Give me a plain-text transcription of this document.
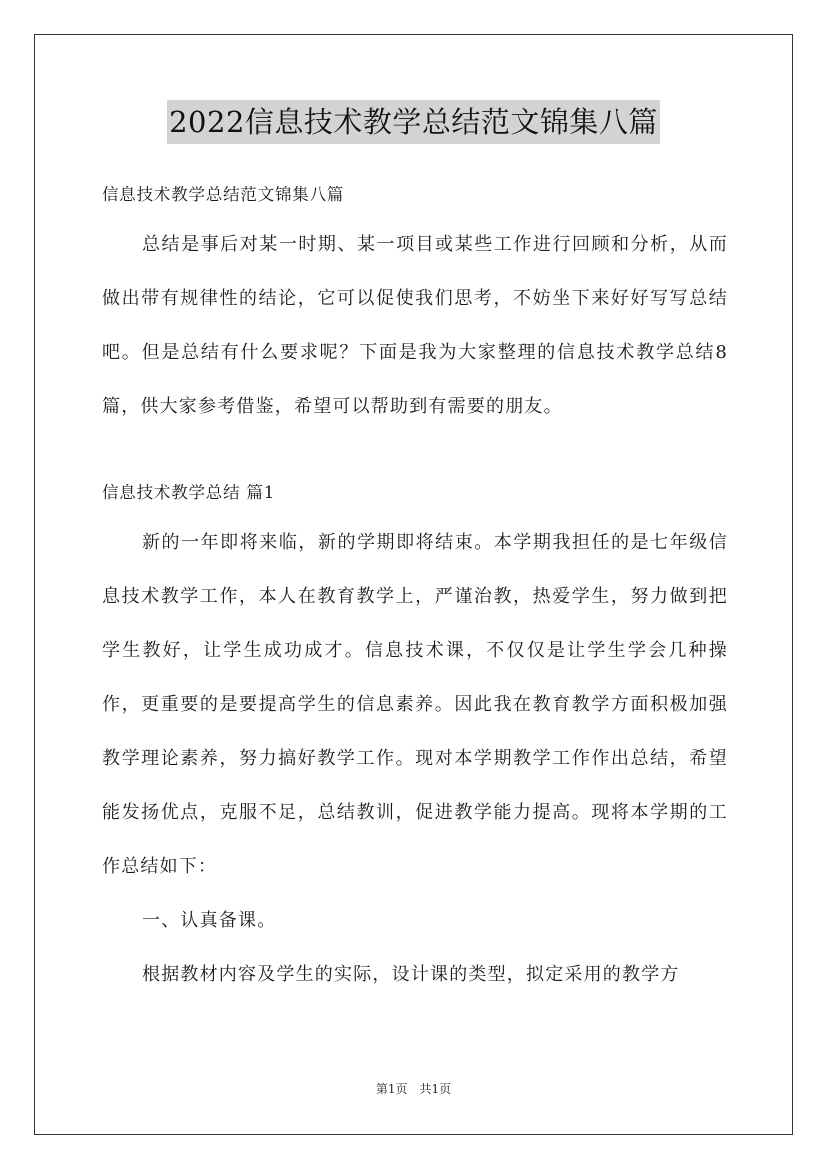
2022信息技术教学总结范文锦集八篇

信息技术教学总结范文锦集八篇

总结是事后对某一时期、某一项目或某些工作进行回顾和分析，从而做出带有规律性的结论，它可以促使我们思考，不妨坐下来好好写写总结吧。但是总结有什么要求呢？下面是我为大家整理的信息技术教学总结8篇，供大家参考借鉴，希望可以帮助到有需要的朋友。

信息技术教学总结 篇1

新的一年即将来临，新的学期即将结束。本学期我担任的是七年级信息技术教学工作，本人在教育教学上，严谨治教，热爱学生，努力做到把学生教好，让学生成功成才。信息技术课，不仅仅是让学生学会几种操作，更重要的是要提高学生的信息素养。因此我在教育教学方面积极加强教学理论素养，努力搞好教学工作。现对本学期教学工作作出总结，希望能发扬优点，克服不足，总结教训，促进教学能力提高。现将本学期的工作总结如下：

一、认真备课。

根据教材内容及学生的实际，设计课的类型，拟定采用的教学方

第1页　共1页
